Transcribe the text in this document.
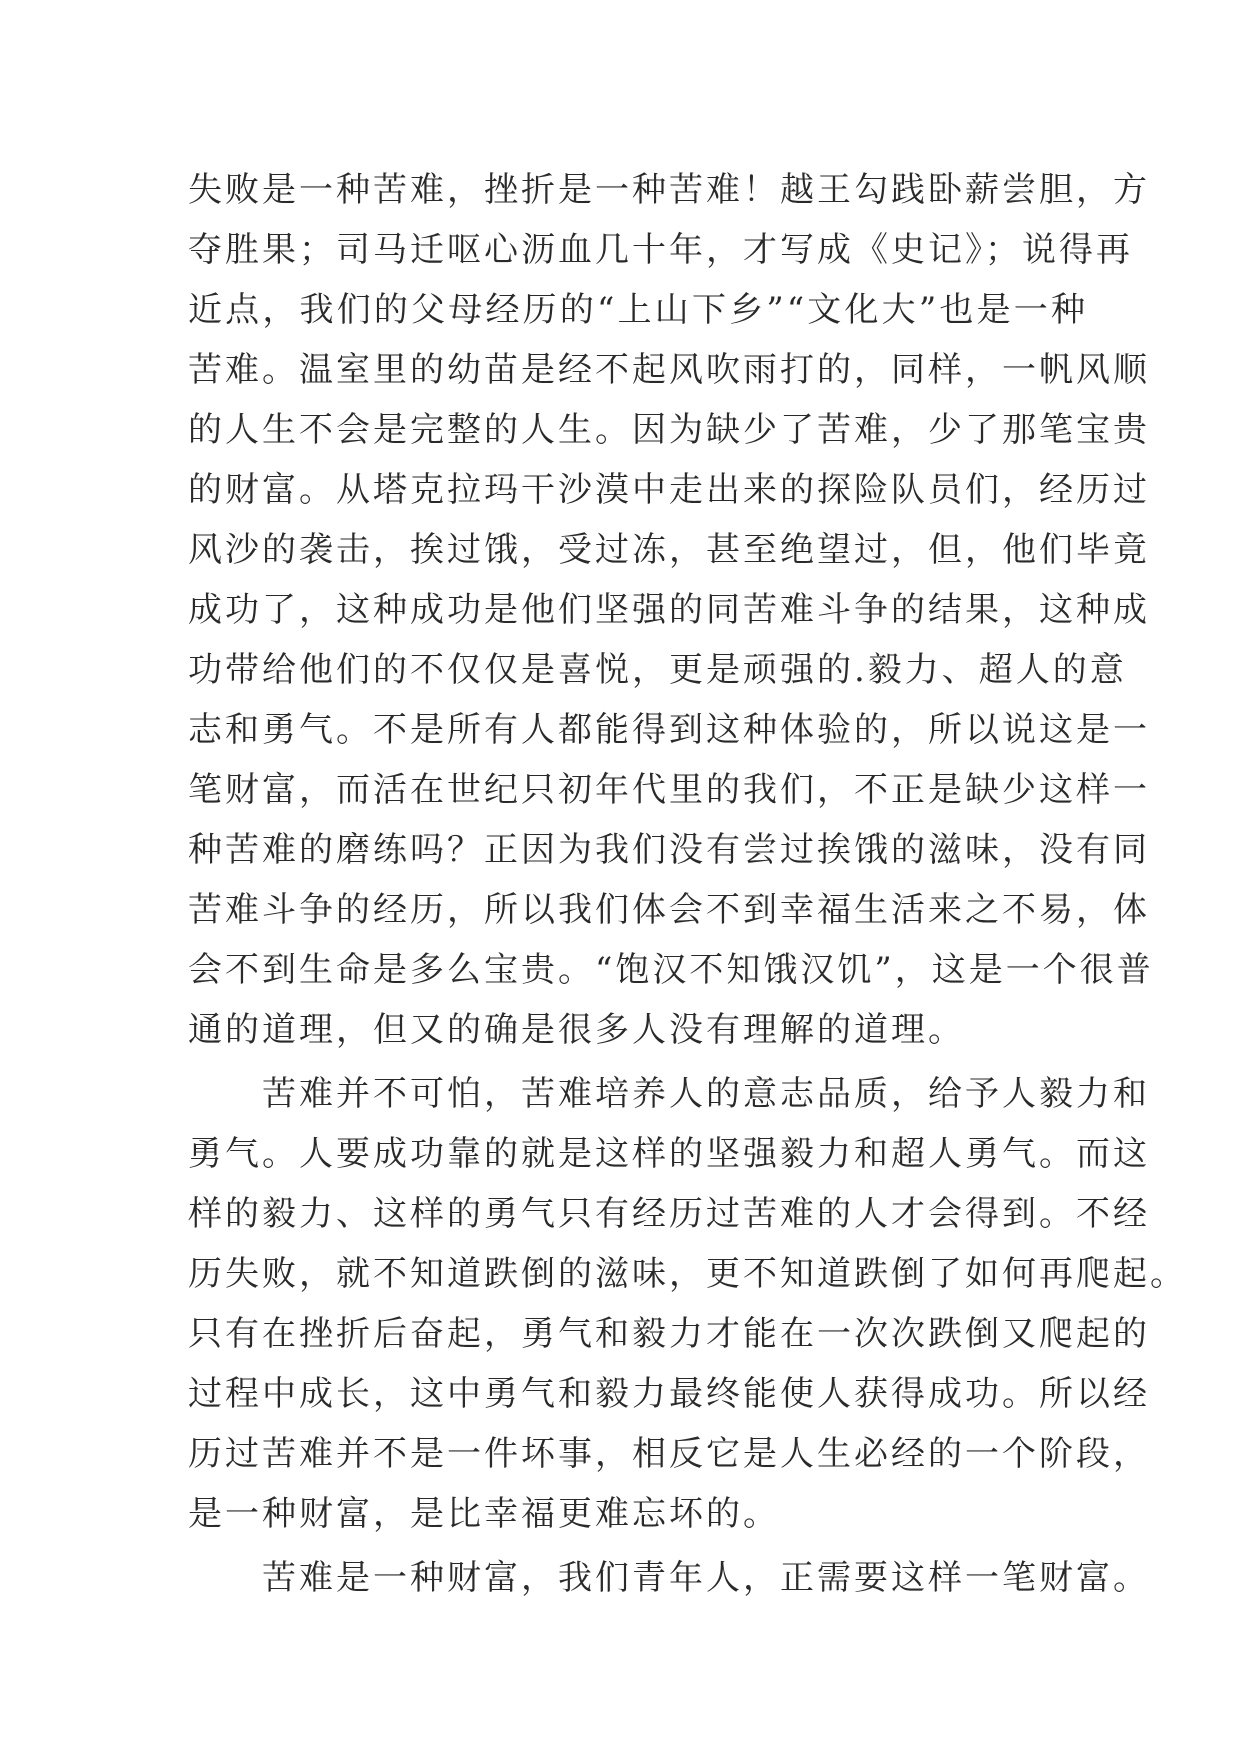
失败是一种苦难，挫折是一种苦难！越王勾践卧薪尝胆，方
夺胜果；司马迁呕心沥血几十年，才写成《史记》；说得再
近点，我们的父母经历的“上山下乡”“文化大”也是一种
苦难。温室里的幼苗是经不起风吹雨打的，同样，一帆风顺
的人生不会是完整的人生。因为缺少了苦难，少了那笔宝贵
的财富。从塔克拉玛干沙漠中走出来的探险队员们，经历过
风沙的袭击，挨过饿，受过冻，甚至绝望过，但，他们毕竟
成功了，这种成功是他们坚强的同苦难斗争的结果，这种成
功带给他们的不仅仅是喜悦，更是顽强的.毅力、超人的意
志和勇气。不是所有人都能得到这种体验的，所以说这是一
笔财富，而活在世纪只初年代里的我们，不正是缺少这样一
种苦难的磨练吗？正因为我们没有尝过挨饿的滋味，没有同
苦难斗争的经历，所以我们体会不到幸福生活来之不易，体
会不到生命是多么宝贵。“饱汉不知饿汉饥”，这是一个很普
通的道理，但又的确是很多人没有理解的道理。
　　苦难并不可怕，苦难培养人的意志品质，给予人毅力和
勇气。人要成功靠的就是这样的坚强毅力和超人勇气。而这
样的毅力、这样的勇气只有经历过苦难的人才会得到。不经
历失败，就不知道跌倒的滋味，更不知道跌倒了如何再爬起。
只有在挫折后奋起，勇气和毅力才能在一次次跌倒又爬起的
过程中成长，这中勇气和毅力最终能使人获得成功。所以经
历过苦难并不是一件坏事，相反它是人生必经的一个阶段，
是一种财富，是比幸福更难忘坏的。
　　苦难是一种财富，我们青年人，正需要这样一笔财富。
